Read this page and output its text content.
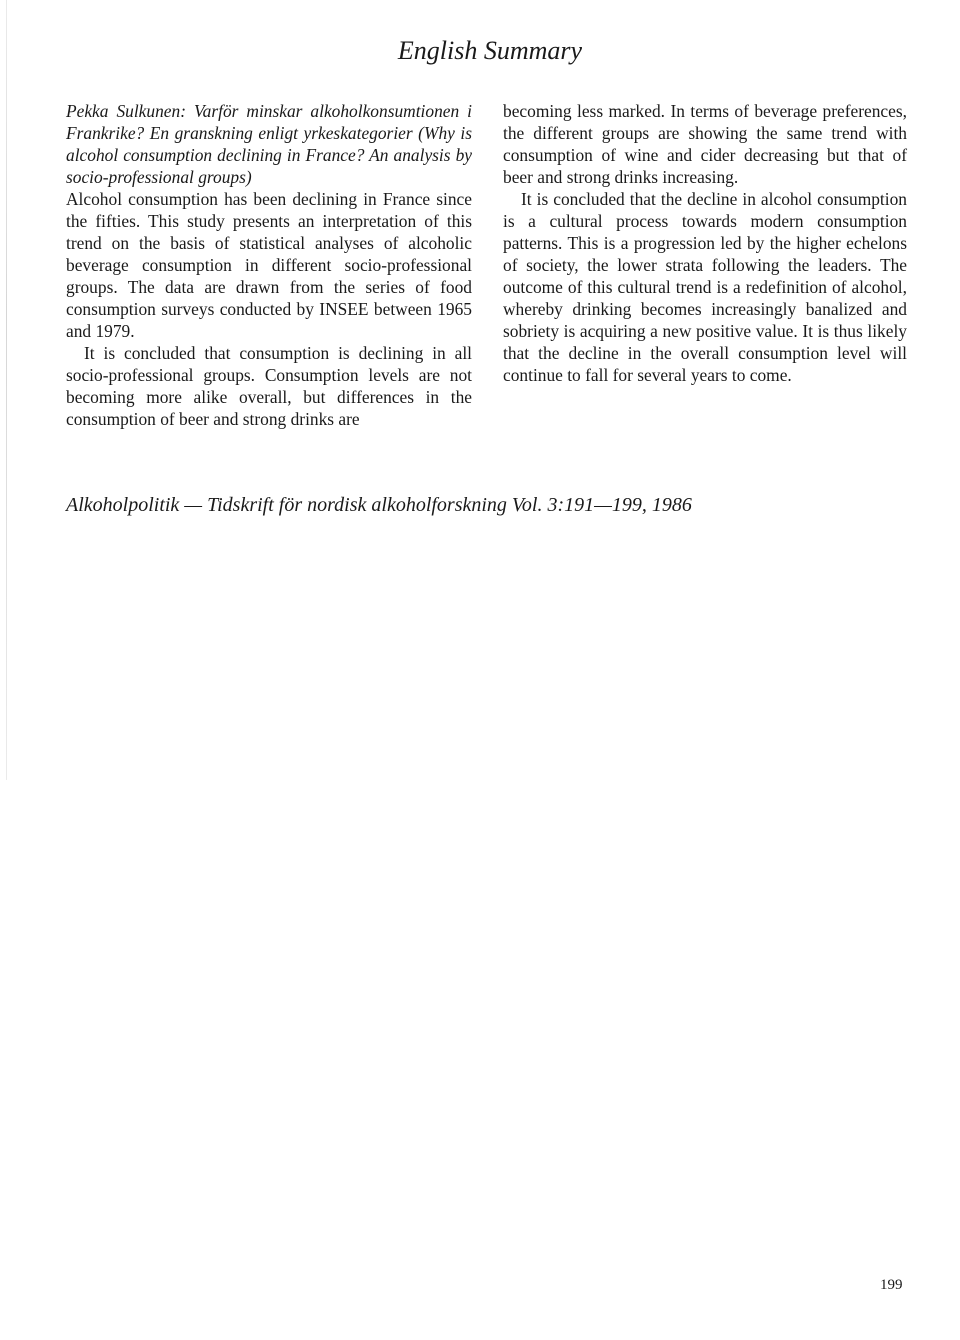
English Summary

Pekka Sulkunen: Varför minskar alkoholkonsumtionen i Frankrike? En granskning enligt yrkeskategorier (Why is alcohol consumption declining in France? An analysis by socio-professional groups)

Alcohol consumption has been declining in France since the fifties. This study presents an interpretation of this trend on the basis of statistical analyses of alcoholic beverage consumption in different socio-professional groups. The data are drawn from the series of food consumption surveys conducted by INSEE between 1965 and 1979.

It is concluded that consumption is declining in all socio-professional groups. Consumption levels are not becoming more alike overall, but differences in the consumption of beer and strong drinks are

becoming less marked. In terms of beverage preferences, the different groups are showing the same trend with consumption of wine and cider decreasing but that of beer and strong drinks increasing.

It is concluded that the decline in alcohol consumption is a cultural process towards modern consumption patterns. This is a progression led by the higher echelons of society, the lower strata following the leaders. The outcome of this cultural trend is a redefinition of alcohol, whereby drinking becomes increasingly banalized and sobriety is acquiring a new positive value. It is thus likely that the decline in the overall consumption level will continue to fall for several years to come.

Alkoholpolitik — Tidskrift för nordisk alkoholforskning Vol. 3:191—199, 1986
199
